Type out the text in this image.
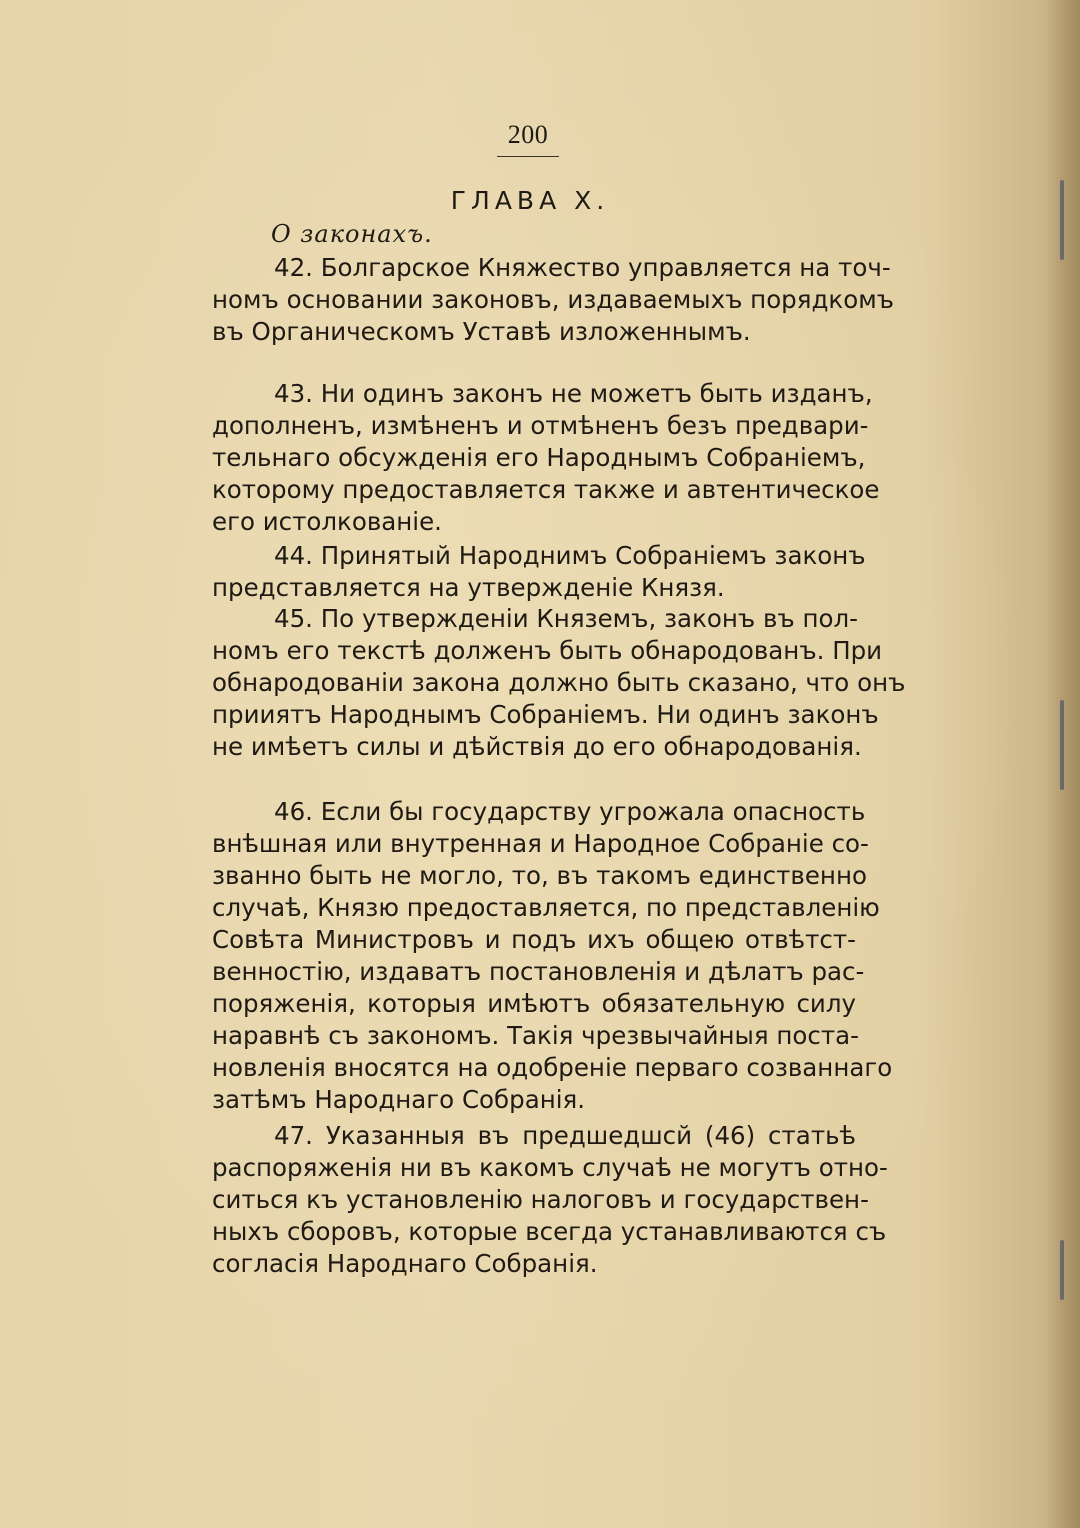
200
ГЛАВА X.
О законахъ.
42. Болгарское Княжество управляется на точ-
номъ основании законовъ, издаваемыхъ порядкомъ
въ Органическомъ Уставѣ изложеннымъ.
43. Ни одинъ законъ не можетъ быть изданъ,
дополненъ, измѣненъ и отмѣненъ безъ предвари-
тельнаго обсужденія его Народнымъ Собраніемъ,
которому предоставляется также и автентическое
его истолкованіе.
44. Принятый Народнимъ Собраніемъ законъ
представляется на утвержденіе Князя.
45. По утвержденіи Княземъ, законъ въ пол-
номъ его текстѣ долженъ быть обнародованъ. При
обнародованіи закона должно быть сказано, что онъ
прииятъ Народнымъ Собраніемъ. Ни одинъ законъ
не имѣетъ силы и дѣйствія до его обнародованія.
46. Если бы государству угрожала опасность
внѣшная или внутренная и Народное Собраніе со-
званно быть не могло, то, въ такомъ единственно
случаѣ, Князю предоставляется, по представленію
Совѣта Министровъ и подъ ихъ общею отвѣтст-
венностію, издаватъ постановленія и дѣлатъ рас-
поряженія, которыя имѣютъ обязательную силу
наравнѣ съ закономъ. Такія чрезвычайныя поста-
новленія вносятся на одобреніе перваго созваннаго
затѣмъ Народнаго Собранія.
47. Указанныя въ предшедшсй (46) статьѣ
распоряженія ни въ какомъ случаѣ не могутъ отно-
ситься къ установленію налоговъ и государствен-
ныхъ сборовъ, которые всегда устанавливаются съ
согласія Народнаго Собранія.
